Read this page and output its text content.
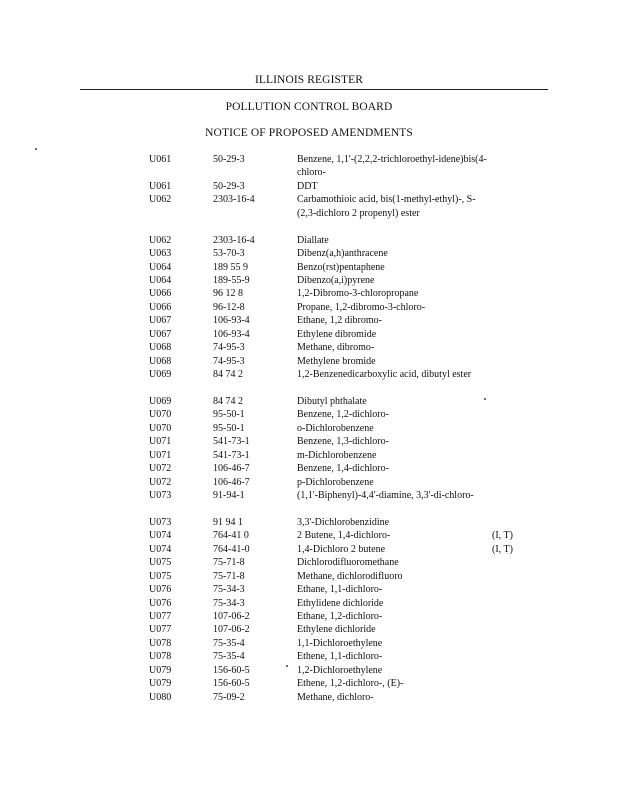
ILLINOIS REGISTER
POLLUTION CONTROL BOARD
NOTICE OF PROPOSED AMENDMENTS
U061	50-29-3	Benzene, 1,1'-(2,2,2-trichloroethyl-idene)bis(4-chloro-
U061	50-29-3	DDT
U062	2303-16-4	Carbamothioic acid, bis(1-methyl-ethyl)-, S-(2,3-dichloro 2 propenyl) ester
U062	2303-16-4	Diallate
U063	53-70-3	Dibenz(a,h)anthracene
U064	189 55 9	Benzo(rst)pentaphene
U064	189-55-9	Dibenzo(a,i)pyrene
U066	96 12 8	1,2-Dibromo-3-chloropropane
U066	96-12-8	Propane, 1,2-dibromo-3-chloro-
U067	106-93-4	Ethane, 1,2 dibromo-
U067	106-93-4	Ethylene dibromide
U068	74-95-3	Methane, dibromo-
U068	74-95-3	Methylene bromide
U069	84 74 2	1,2-Benzenedicarboxylic acid, dibutyl ester
U069	84 74 2	Dibutyl phthalate
U070	95-50-1	Benzene, 1,2-dichloro-
U070	95-50-1	o-Dichlorobenzene
U071	541-73-1	Benzene, 1,3-dichloro-
U071	541-73-1	m-Dichlorobenzene
U072	106-46-7	Benzene, 1,4-dichloro-
U072	106-46-7	p-Dichlorobenzene
U073	91-94-1	(1,1'-Biphenyl)-4,4'-diamine, 3,3'-di-chloro-
U073	91 94 1	3,3'-Dichlorobenzidine
U074	764-41 0	2 Butene, 1,4-dichloro-	(I, T)
U074	764-41-0	1,4-Dichloro 2 butene	(I, T)
U075	75-71-8	Dichlorodifluoromethane
U075	75-71-8	Methane, dichlorodifluoro
U076	75-34-3	Ethane, 1,1-dichloro-
U076	75-34-3	Ethylidene dichloride
U077	107-06-2	Ethane, 1,2-dichloro-
U077	107-06-2	Ethylene dichloride
U078	75-35-4	1,1-Dichloroethylene
U078	75-35-4	Ethene, 1,1-dichloro-
U079	156-60-5	1,2-Dichloroethylene
U079	156-60-5	Ethene, 1,2-dichloro-, (E)-
U080	75-09-2	Methane, dichloro-
